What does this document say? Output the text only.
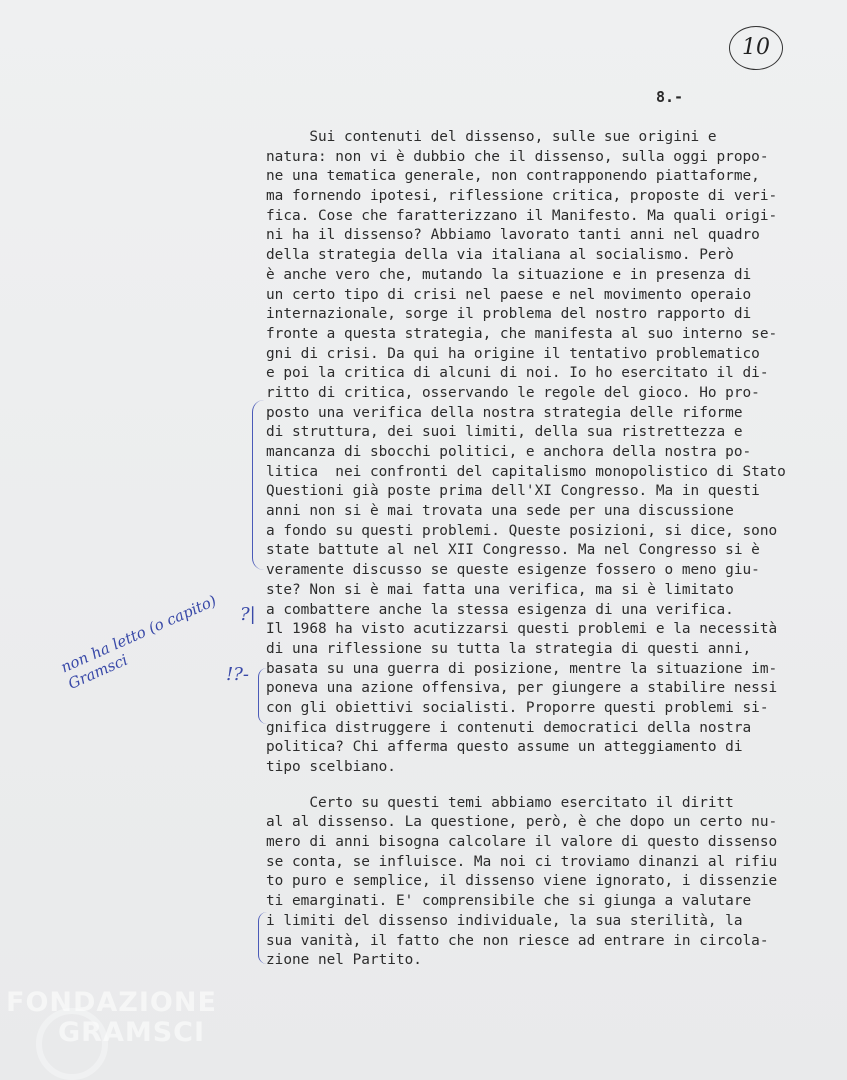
10
8.-
Sui contenuti del dissenso, sulle sue origini e
natura: non vi è dubbio che il dissenso, sulla oggi propo-
ne una tematica generale, non contrapponendo piattaforme,
ma fornendo ipotesi, riflessione critica, proposte di veri-
fica. Cose che faratterizzano il Manifesto. Ma quali origi-
ni ha il dissenso? Abbiamo lavorato tanti anni nel quadro
della strategia della via italiana al socialismo. Però
è anche vero che, mutando la situazione e in presenza di
un certo tipo di crisi nel paese e nel movimento operaio
internazionale, sorge il problema del nostro rapporto di
fronte a questa strategia, che manifesta al suo interno se-
gni di crisi. Da qui ha origine il tentativo problematico
e poi la critica di alcuni di noi. Io ho esercitato il di-
ritto di critica, osservando le regole del gioco. Ho pro-
posto una verifica della nostra strategia delle riforme
di struttura, dei suoi limiti, della sua ristrettezza e
mancanza di sbocchi politici, e anchora della nostra po-
litica  nei confronti del capitalismo monopolistico di Stato
Questioni già poste prima dell'XI Congresso. Ma in questi
anni non si è mai trovata una sede per una discussione
a fondo su questi problemi. Queste posizioni, si dice, sono
state battute al nel XII Congresso. Ma nel Congresso si è
veramente discusso se queste esigenze fossero o meno giu-
ste? Non si è mai fatta una verifica, ma si è limitato
a combattere anche la stessa esigenza di una verifica.
Il 1968 ha visto acutizzarsi questi problemi e la necessità
di una riflessione su tutta la strategia di questi anni,
basata su una guerra di posizione, mentre la situazione im-
poneva una azione offensiva, per giungere a stabilire nessi
con gli obiettivi socialisti. Proporre questi problemi si-
gnifica distruggere i contenuti democratici della nostra
politica? Chi afferma questo assume un atteggiamento di
tipo scelbiano.
Certo su questi temi abbiamo esercitato il diritt
al al dissenso. La questione, però, è che dopo un certo nu-
mero di anni bisogna calcolare il valore di questo dissenso
se conta, se influisce. Ma noi ci troviamo dinanzi al rifiu
to puro e semplice, il dissenso viene ignorato, i dissenzie
ti emarginati. E' comprensibile che si giunga a valutare
i limiti del dissenso individuale, la sua sterilità, la
sua vanità, il fatto che non riesce ad entrare in circola-
zione nel Partito.
?|
!?-
non ha letto (o capito)
Gramsci
FONDAZIONE
GRAMSCI
